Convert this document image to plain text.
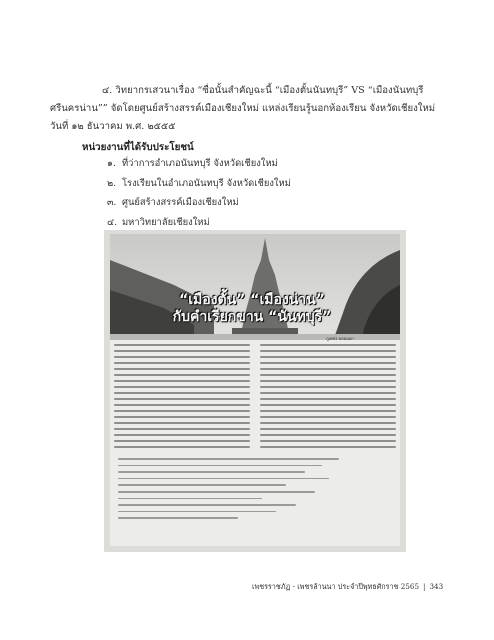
๔. วิทยากรเสวนาเรื่อง “ซื่อนั้นสำคัญฉะนี้ “เมืองตั้นนันทบุรี” VS “เมืองนันทบุรี
ศรีนครน่าน”” จัดโดยศูนย์สร้างสรรค์เมืองเชียงใหม่ แหล่งเรียนรู้นอกห้องเรียน จังหวัดเชียงใหม่
วันที่ ๑๒ ธันวาคม พ.ศ. ๒๕๕๕
หน่วยงานที่ได้รับประโยชน์
๑. ที่ว่าการอำเภอนันทบุรี จังหวัดเชียงใหม่
๒. โรงเรียนในอำเภอนันทบุรี จังหวัดเชียงใหม่
๓. ศูนย์สร้างสรรค์เมืองเชียงใหม่
๔. มหาวิทยาลัยเชียงใหม่
“เมืองตั้น” “เมืองน่าน”
กับคำเรียกขาน “นันทบุรี”
ภูเพชร ผลหมอก
เพชรราชภัฏ - เพชรล้านนา ประจำปีพุทธศักราช 2565 | 343
